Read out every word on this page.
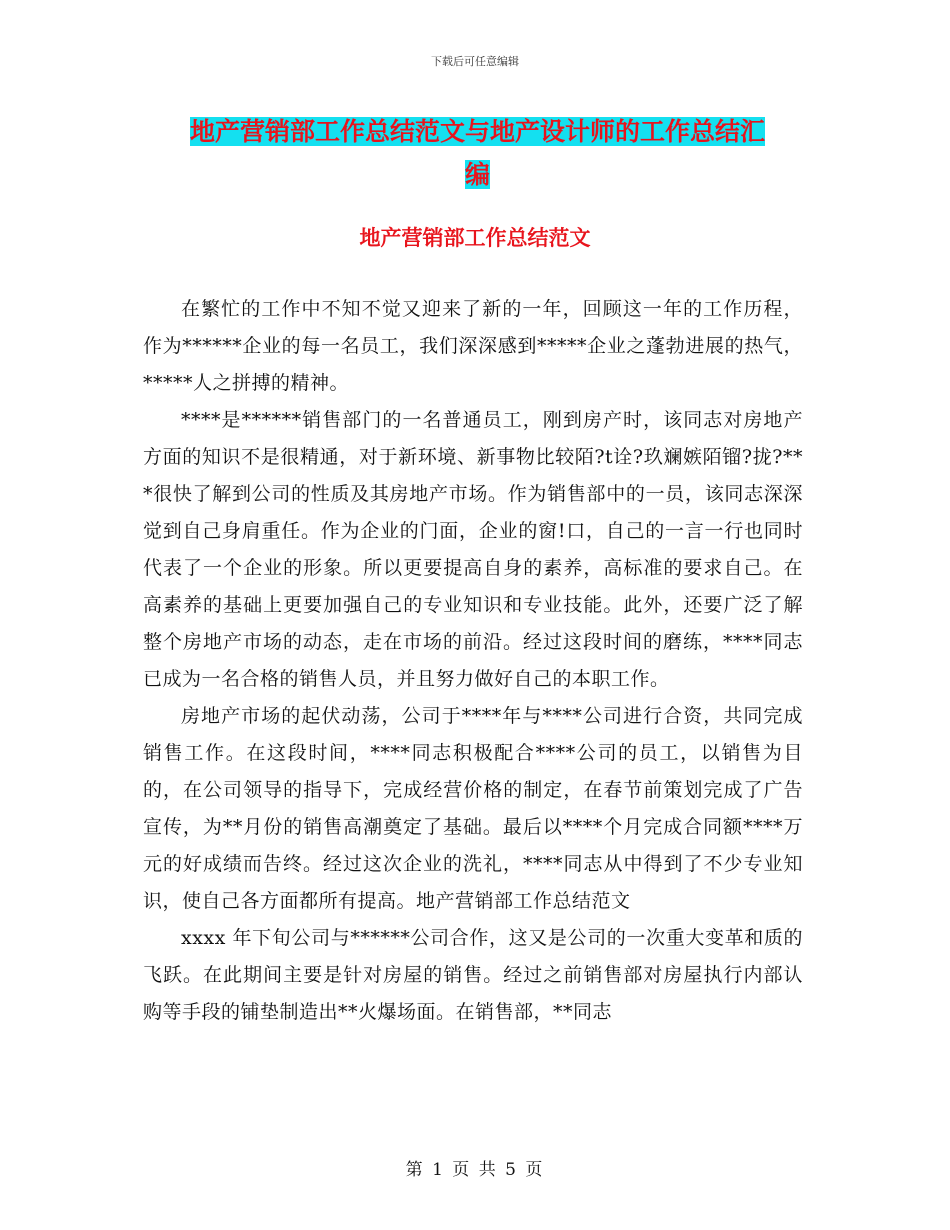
下载后可任意编辑
地产营销部工作总结范文与地产设计师的工作总结汇
编
地产营销部工作总结范文

在繁忙的工作中不知不觉又迎来了新的一年，回顾这一年的工作历程，作为******企业的每一名员工，我们深深感到*****企业之蓬勃进展的热气，*****人之拼搏的精神。

****是******销售部门的一名普通员工，刚到房产时，该同志对房地产方面的知识不是很精通，对于新环境、新事物比较陌?t诠?玖斓嫉陌镏?拢?***很快了解到公司的性质及其房地产市场。作为销售部中的一员，该同志深深觉到自己身肩重任。作为企业的门面，企业的窗!口，自己的一言一行也同时代表了一个企业的形象。所以更要提高自身的素养，高标准的要求自己。在高素养的基础上更要加强自己的专业知识和专业技能。此外，还要广泛了解整个房地产市场的动态，走在市场的前沿。经过这段时间的磨练，****同志已成为一名合格的销售人员，并且努力做好自己的本职工作。

房地产市场的起伏动荡，公司于****年与****公司进行合资，共同完成销售工作。在这段时间，****同志积极配合****公司的员工，以销售为目的，在公司领导的指导下，完成经营价格的制定，在春节前策划完成了广告宣传，为**月份的销售高潮奠定了基础。最后以****个月完成合同额****万元的好成绩而告终。经过这次企业的洗礼，****同志从中得到了不少专业知识，使自己各方面都所有提高。地产营销部工作总结范文

xxxx 年下旬公司与******公司合作，这又是公司的一次重大变革和质的飞跃。在此期间主要是针对房屋的销售。经过之前销售部对房屋执行内部认购等手段的铺垫制造出**火爆场面。在销售部，**同志

第 1 页 共 5 页
